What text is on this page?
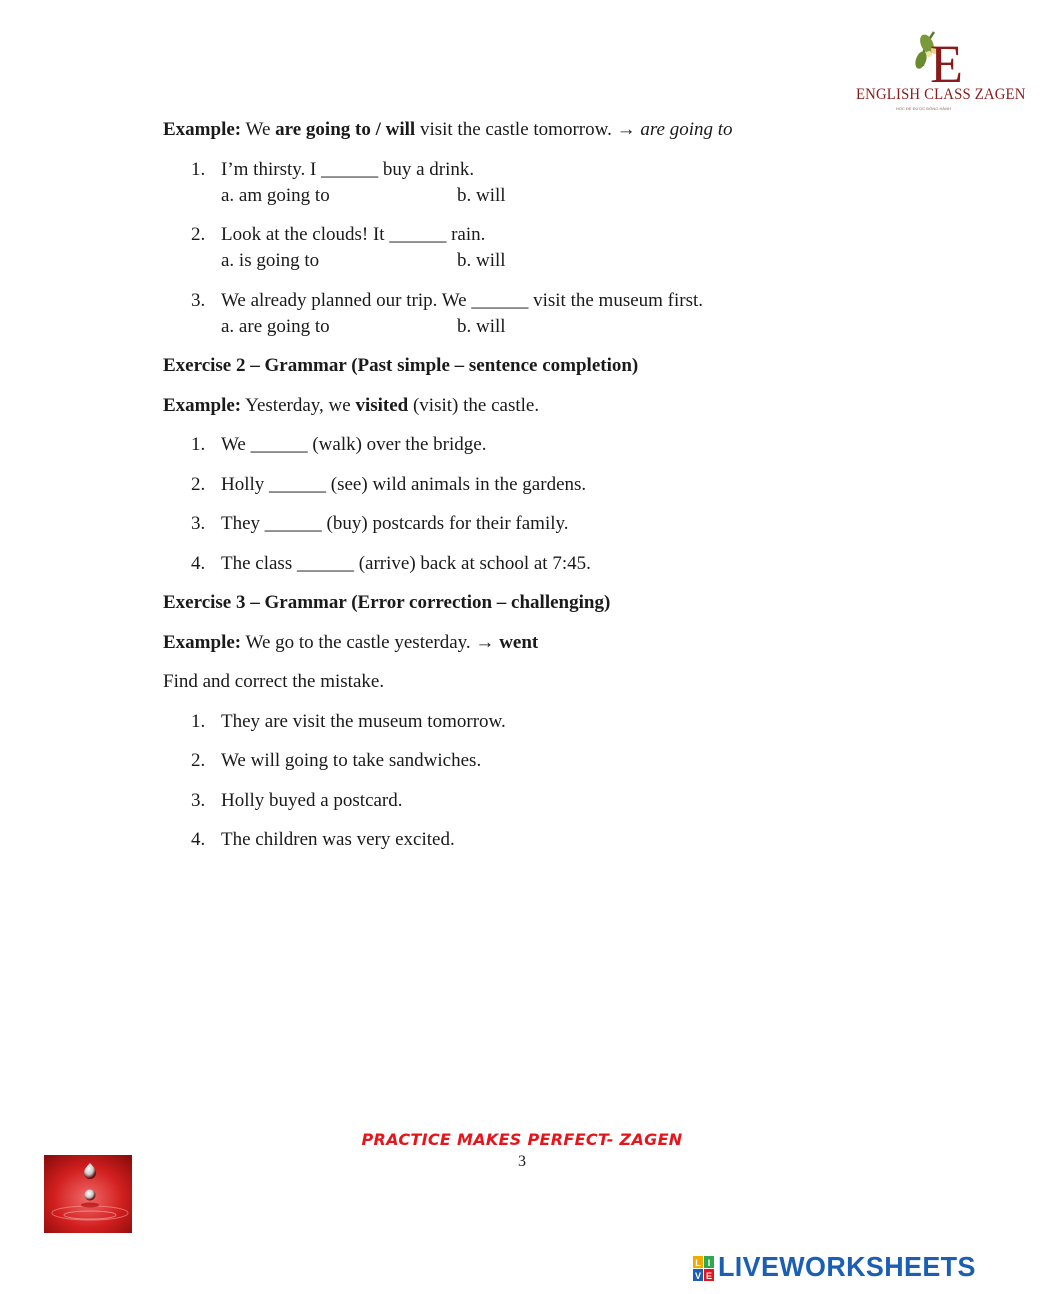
E
ENGLISH CLASS ZAGEN
HỌC ĐỂ ĐƯỢC ĐỒNG HÀNH
Example: We are going to / will visit the castle tomorrow. → are going to
1. I’m thirsty. I ______ buy a drink.
a. am going to	b. will
2. Look at the clouds! It ______ rain.
a. is going to	b. will
3. We already planned our trip. We ______ visit the museum first.
a. are going to	b. will
Exercise 2 – Grammar (Past simple – sentence completion)
Example: Yesterday, we visited (visit) the castle.
1. We ______ (walk) over the bridge.
2. Holly ______ (see) wild animals in the gardens.
3. They ______ (buy) postcards for their family.
4. The class ______ (arrive) back at school at 7:45.
Exercise 3 – Grammar (Error correction – challenging)
Example: We go to the castle yesterday. → went
Find and correct the mistake.
1. They are visit the museum tomorrow.
2. We will going to take sandwiches.
3. Holly buyed a postcard.
4. The children was very excited.
PRACTICE MAKES PERFECT- ZAGEN
3
L I
V E LIVEWORKSHEETS
